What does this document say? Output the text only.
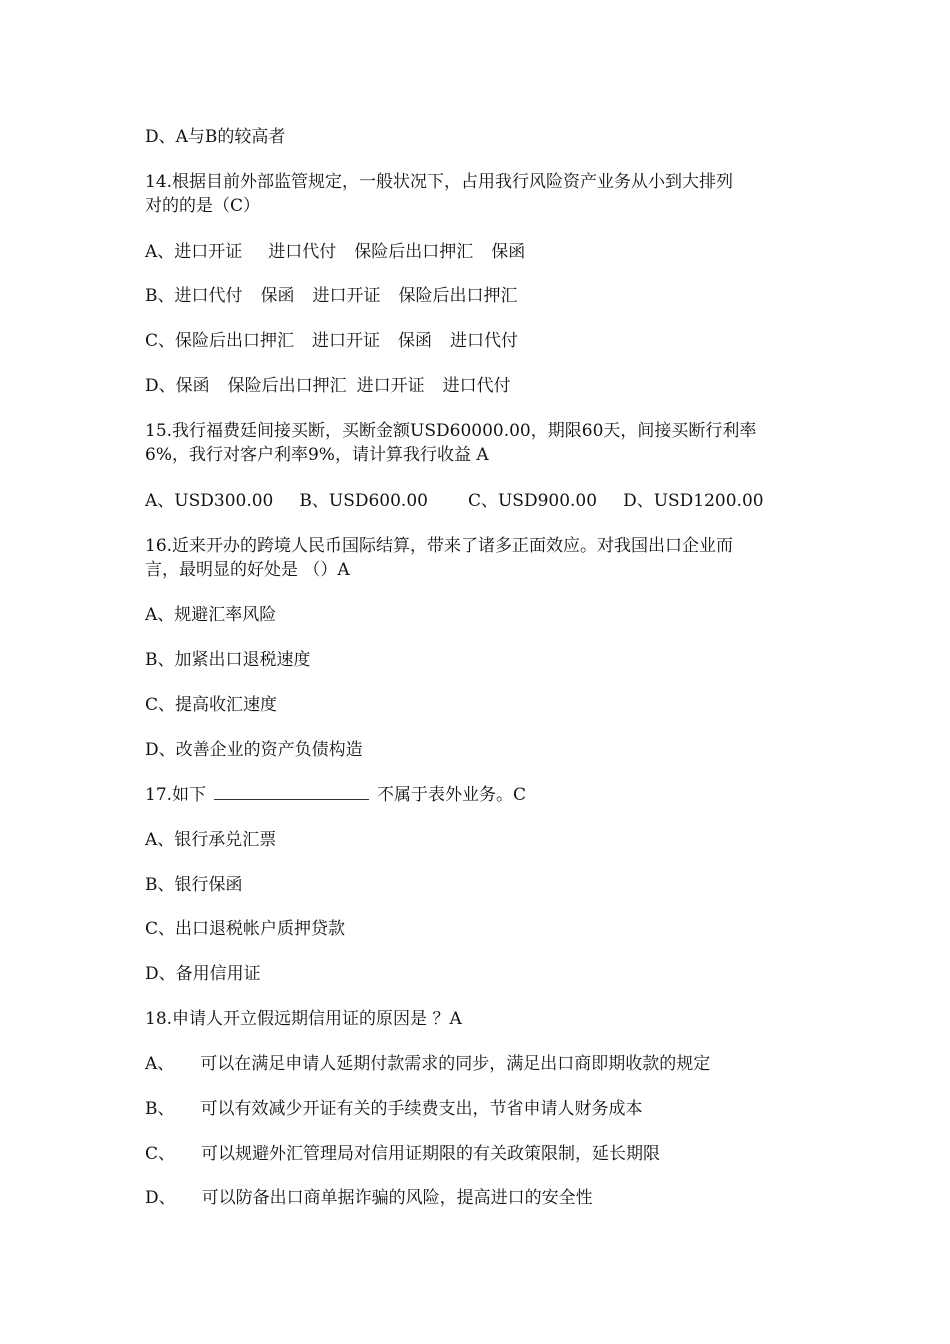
D、A与B的较高者
14.根据目前外部监管规定，一般状况下，占用我行风险资产业务从小到大排列
对的的是（C）
A、进口开证 进口代付 保险后出口押汇 保函
B、进口代付 保函 进口开证 保险后出口押汇
C、保险后出口押汇 进口开证 保函 进口代付
D、保函 保险后出口押汇 进口开证 进口代付
15.我行福费廷间接买断，买断金额USD60000.00，期限60天，间接买断行利率
6%，我行对客户利率9%，请计算我行收益 A
A、USD300.00 B、USD600.00 C、USD900.00 D、USD1200.00
16.近来开办的跨境人民币国际结算，带来了诸多正面效应。对我国出口企业而
言，最明显的好处是 （）A
A、规避汇率风险
B、加紧出口退税速度
C、提高收汇速度
D、改善企业的资产负债构造
17.如下	不属于表外业务。C
A、银行承兑汇票
B、银行保函
C、出口退税帐户质押贷款
D、备用信用证
18.申请人开立假远期信用证的原因是 ？A
A、 可以在满足申请人延期付款需求的同步，满足出口商即期收款的规定
B、 可以有效减少开证有关的手续费支出，节省申请人财务成本
C、 可以规避外汇管理局对信用证期限的有关政策限制，延长期限
D、 可以防备出口商单据诈骗的风险，提高进口的安全性
